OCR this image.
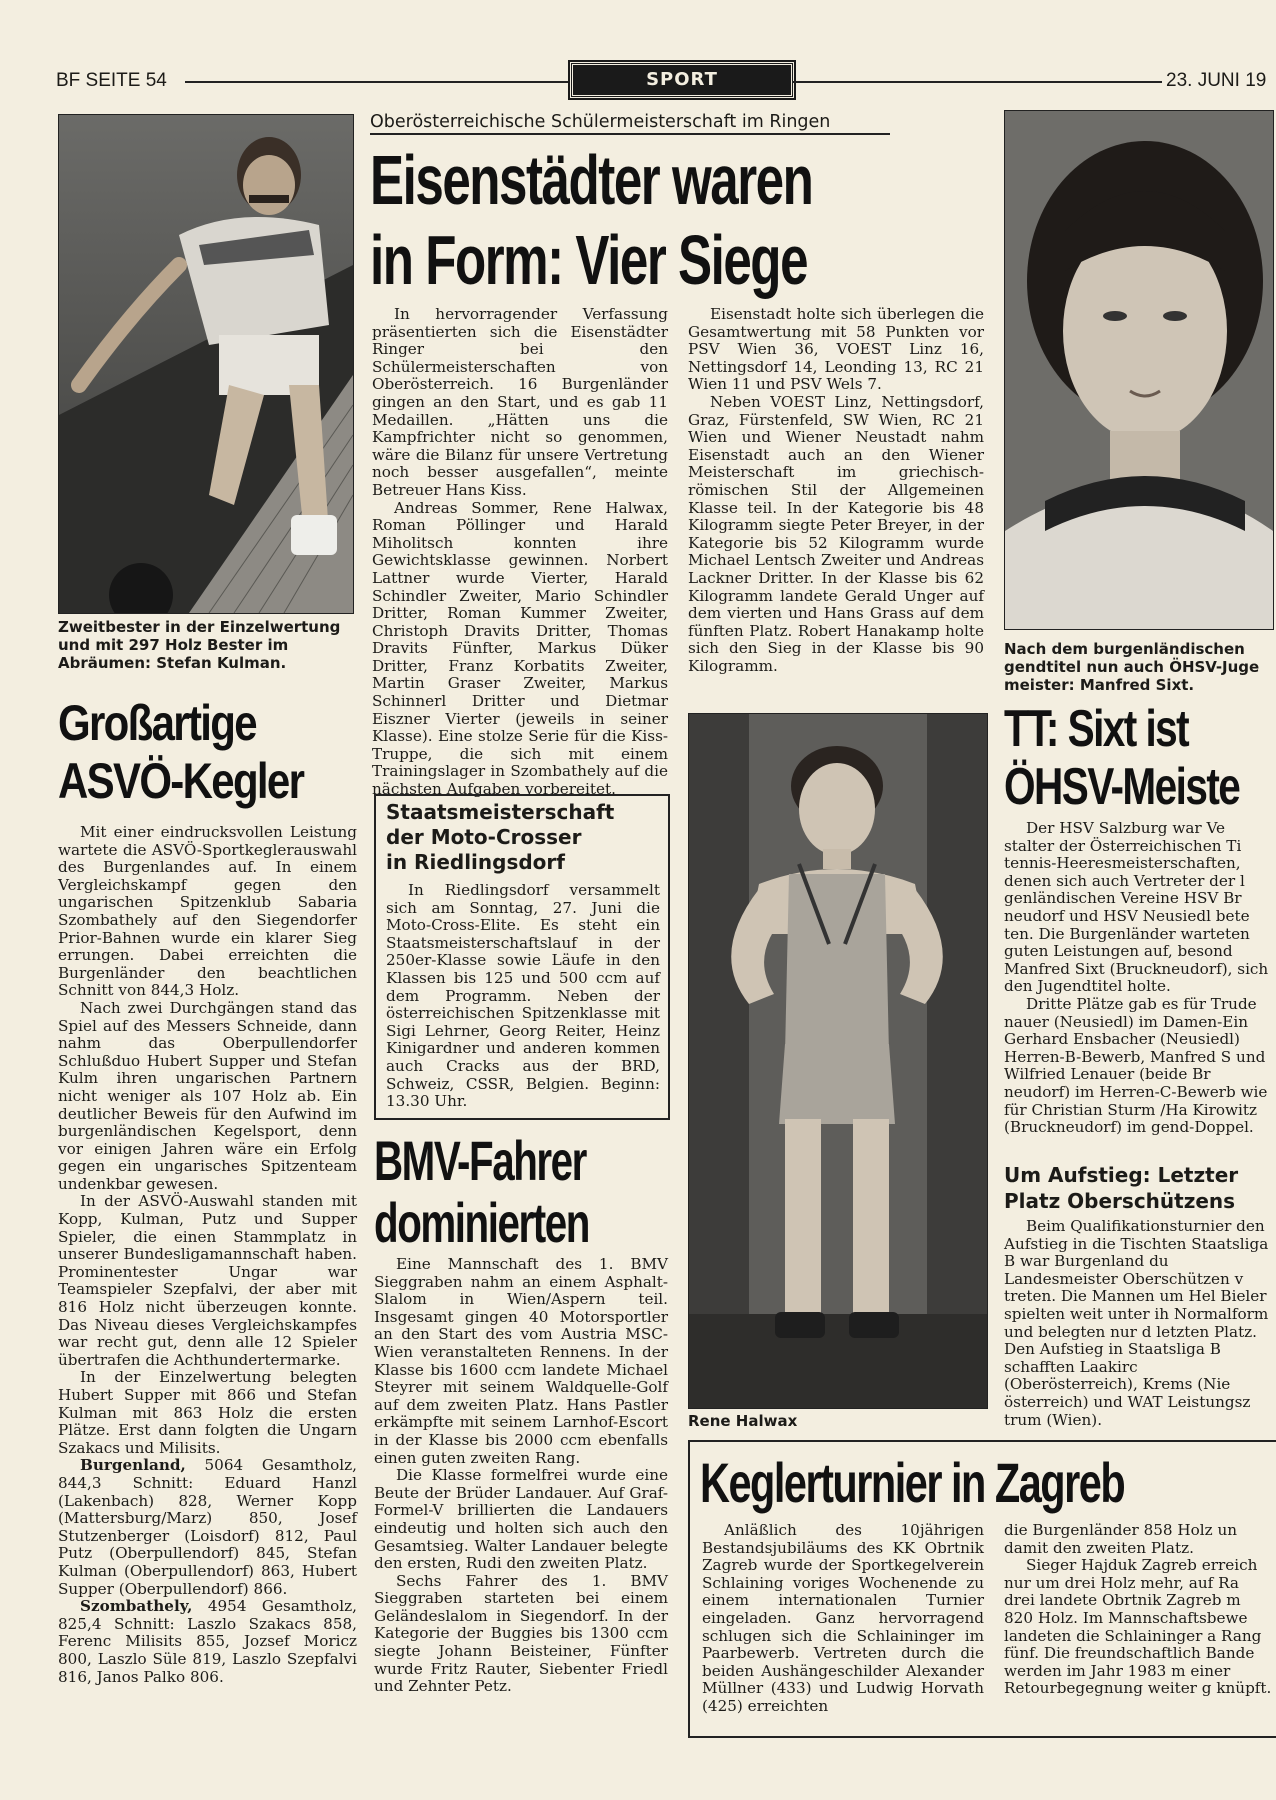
BF SEITE 54	SPORT	23. JUNI 19

Zweitbester in der Einzelwertung und mit 297 Holz Bester im Abräumen: Stefan Kulman.

Großartige
ASVÖ-Kegler

Mit einer eindrucksvollen Leistung wartete die ASVÖ-Sportkeglerauswahl des Burgenlandes auf. In einem Vergleichskampf gegen den ungarischen Spitzenklub Sabaria Szombathely auf den Siegendorfer Prior-Bahnen wurde ein klarer Sieg errungen. Dabei erreichten die Burgenländer den beachtlichen Schnitt von 844,3 Holz.

Nach zwei Durchgängen stand das Spiel auf des Messers Schneide, dann nahm das Oberpullendorfer Schlußduo Hubert Supper und Stefan Kulm ihren ungarischen Partnern nicht weniger als 107 Holz ab. Ein deutlicher Beweis für den Aufwind im burgenländischen Kegelsport, denn vor einigen Jahren wäre ein Erfolg gegen ein ungarisches Spitzenteam undenkbar gewesen.

In der ASVÖ-Auswahl standen mit Kopp, Kulman, Putz und Supper Spieler, die einen Stammplatz in unserer Bundesligamannschaft haben. Prominentester Ungar war Teamspieler Szepfalvi, der aber mit 816 Holz nicht überzeugen konnte. Das Niveau dieses Vergleichskampfes war recht gut, denn alle 12 Spieler übertrafen die Achthundertermarke.

In der Einzelwertung belegten Hubert Supper mit 866 und Stefan Kulman mit 863 Holz die ersten Plätze. Erst dann folgten die Ungarn Szakacs und Milisits.

Burgenland, 5064 Gesamtholz, 844,3 Schnitt: Eduard Hanzl (Lakenbach) 828, Werner Kopp (Mattersburg/Marz) 850, Josef Stutzenberger (Loisdorf) 812, Paul Putz (Oberpullendorf) 845, Stefan Kulman (Oberpullendorf) 863, Hubert Supper (Oberpullendorf) 866.

Szombathely, 4954 Gesamtholz, 825,4 Schnitt: Laszlo Szakacs 858, Ferenc Milisits 855, Jozsef Moricz 800, Laszlo Süle 819, Laszlo Szepfalvi 816, Janos Palko 806.

Oberösterreichische Schülermeisterschaft im Ringen
Eisenstädter waren
in Form: Vier Siege

In hervorragender Verfassung präsentierten sich die Eisenstädter Ringer bei den Schülermeisterschaften von Oberösterreich. 16 Burgenländer gingen an den Start, und es gab 11 Medaillen. „Hätten uns die Kampfrichter nicht so genommen, wäre die Bilanz für unsere Vertretung noch besser ausgefallen“, meinte Betreuer Hans Kiss.

Andreas Sommer, Rene Halwax, Roman Pöllinger und Harald Miholitsch konnten ihre Gewichtsklasse gewinnen. Norbert Lattner wurde Vierter, Harald Schindler Zweiter, Mario Schindler Dritter, Roman Kummer Zweiter, Christoph Dravits Dritter, Thomas Dravits Fünfter, Markus Düker Dritter, Franz Korbatits Zweiter, Martin Graser Zweiter, Markus Schinnerl Dritter und Dietmar Eiszner Vierter (jeweils in seiner Klasse). Eine stolze Serie für die Kiss-Truppe, die sich mit einem Trainingslager in Szombathely auf die nächsten Aufgaben vorbereitet.

Eisenstadt holte sich überlegen die Gesamtwertung mit 58 Punkten vor PSV Wien 36, VOEST Linz 16, Nettingsdorf 14, Leonding 13, RC 21 Wien 11 und PSV Wels 7.

Neben VOEST Linz, Nettingsdorf, Graz, Fürstenfeld, SW Wien, RC 21 Wien und Wiener Neustadt nahm Eisenstadt auch an den Wiener Meisterschaft im griechisch-römischen Stil der Allgemeinen Klasse teil. In der Kategorie bis 48 Kilogramm siegte Peter Breyer, in der Kategorie bis 52 Kilogramm wurde Michael Lentsch Zweiter und Andreas Lackner Dritter. In der Klasse bis 62 Kilogramm landete Gerald Unger auf dem vierten und Hans Grass auf dem fünften Platz. Robert Hanakamp holte sich den Sieg in der Klasse bis 90 Kilogramm.

Staatsmeisterschaft
der Moto-Crosser
in Riedlingsdorf

In Riedlingsdorf versammelt sich am Sonntag, 27. Juni die Moto-Cross-Elite. Es steht ein Staatsmeisterschaftslauf in der 250er-Klasse sowie Läufe in den Klassen bis 125 und 500 ccm auf dem Programm. Neben der österreichischen Spitzenklasse mit Sigi Lehrner, Georg Reiter, Heinz Kinigardner und anderen kommen auch Cracks aus der BRD, Schweiz, CSSR, Belgien. Beginn: 13.30 Uhr.

BMV-Fahrer
dominierten

Eine Mannschaft des 1. BMV Sieggraben nahm an einem Asphalt-Slalom in Wien/Aspern teil. Insgesamt gingen 40 Motorsportler an den Start des vom Austria MSC-Wien veranstalteten Rennens. In der Klasse bis 1600 ccm landete Michael Steyrer mit seinem Waldquelle-Golf auf dem zweiten Platz. Hans Pastler erkämpfte mit seinem Larnhof-Escort in der Klasse bis 2000 ccm ebenfalls einen guten zweiten Rang.

Die Klasse formelfrei wurde eine Beute der Brüder Landauer. Auf Graf-Formel-V brillierten die Landauers eindeutig und holten sich auch den Gesamtsieg. Walter Landauer belegte den ersten, Rudi den zweiten Platz.

Sechs Fahrer des 1. BMV Sieggraben starteten bei einem Geländeslalom in Siegendorf. In der Kategorie der Buggies bis 1300 ccm siegte Johann Beisteiner, Fünfter wurde Fritz Rauter, Siebenter Friedl und Zehnter Petz.

Rene Halwax

Nach dem burgenländischen gendtitel nun auch ÖHSV-Juge meister: Manfred Sixt.

TT: Sixt ist
ÖHSV-Meiste

Der HSV Salzburg war Ve stalter der Österreichischen Ti tennis-Heeresmeisterschaften, denen sich auch Vertreter der l genländischen Vereine HSV Br neudorf und HSV Neusiedl bete ten. Die Burgenländer warteten guten Leistungen auf, besond Manfred Sixt (Bruckneudorf), sich den Jugendtitel holte.

Dritte Plätze gab es für Trude nauer (Neusiedl) im Damen-Ein Gerhard Ensbacher (Neusiedl) Herren-B-Bewerb, Manfred S und Wilfried Lenauer (beide Br neudorf) im Herren-C-Bewerb wie für Christian Sturm /Ha Kirowitz (Bruckneudorf) im gend-Doppel.

Um Aufstieg: Letzter
Platz Oberschützens

Beim Qualifikationsturnier den Aufstieg in die Tischten Staatsliga B war Burgenland du Landesmeister Oberschützen v treten. Die Mannen um Hel Bieler spielten weit unter ih Normalform und belegten nur d letzten Platz. Den Aufstieg in Staatsliga B schafften Laakirc (Oberösterreich), Krems (Nie österreich) und WAT Leistungsz trum (Wien).

Keglerturnier in Zagreb

Anläßlich des 10jährigen Bestandsjubiläums des KK Obrtnik Zagreb wurde der Sportkegelverein Schlaining voriges Wochenende zu einem internationalen Turnier eingeladen. Ganz hervorragend schlugen sich die Schlaininger im Paarbewerb. Vertreten durch die beiden Aushängeschilder Alexander Müllner (433) und Ludwig Horvath (425) erreichten

die Burgenländer 858 Holz un damit den zweiten Platz.

Sieger Hajduk Zagreb erreich nur um drei Holz mehr, auf Ra drei landete Obrtnik Zagreb m 820 Holz. Im Mannschaftsbewe landeten die Schlaininger a Rang fünf. Die freundschaftlich Bande werden im Jahr 1983 m einer Retourbegegnung weiter g knüpft.
